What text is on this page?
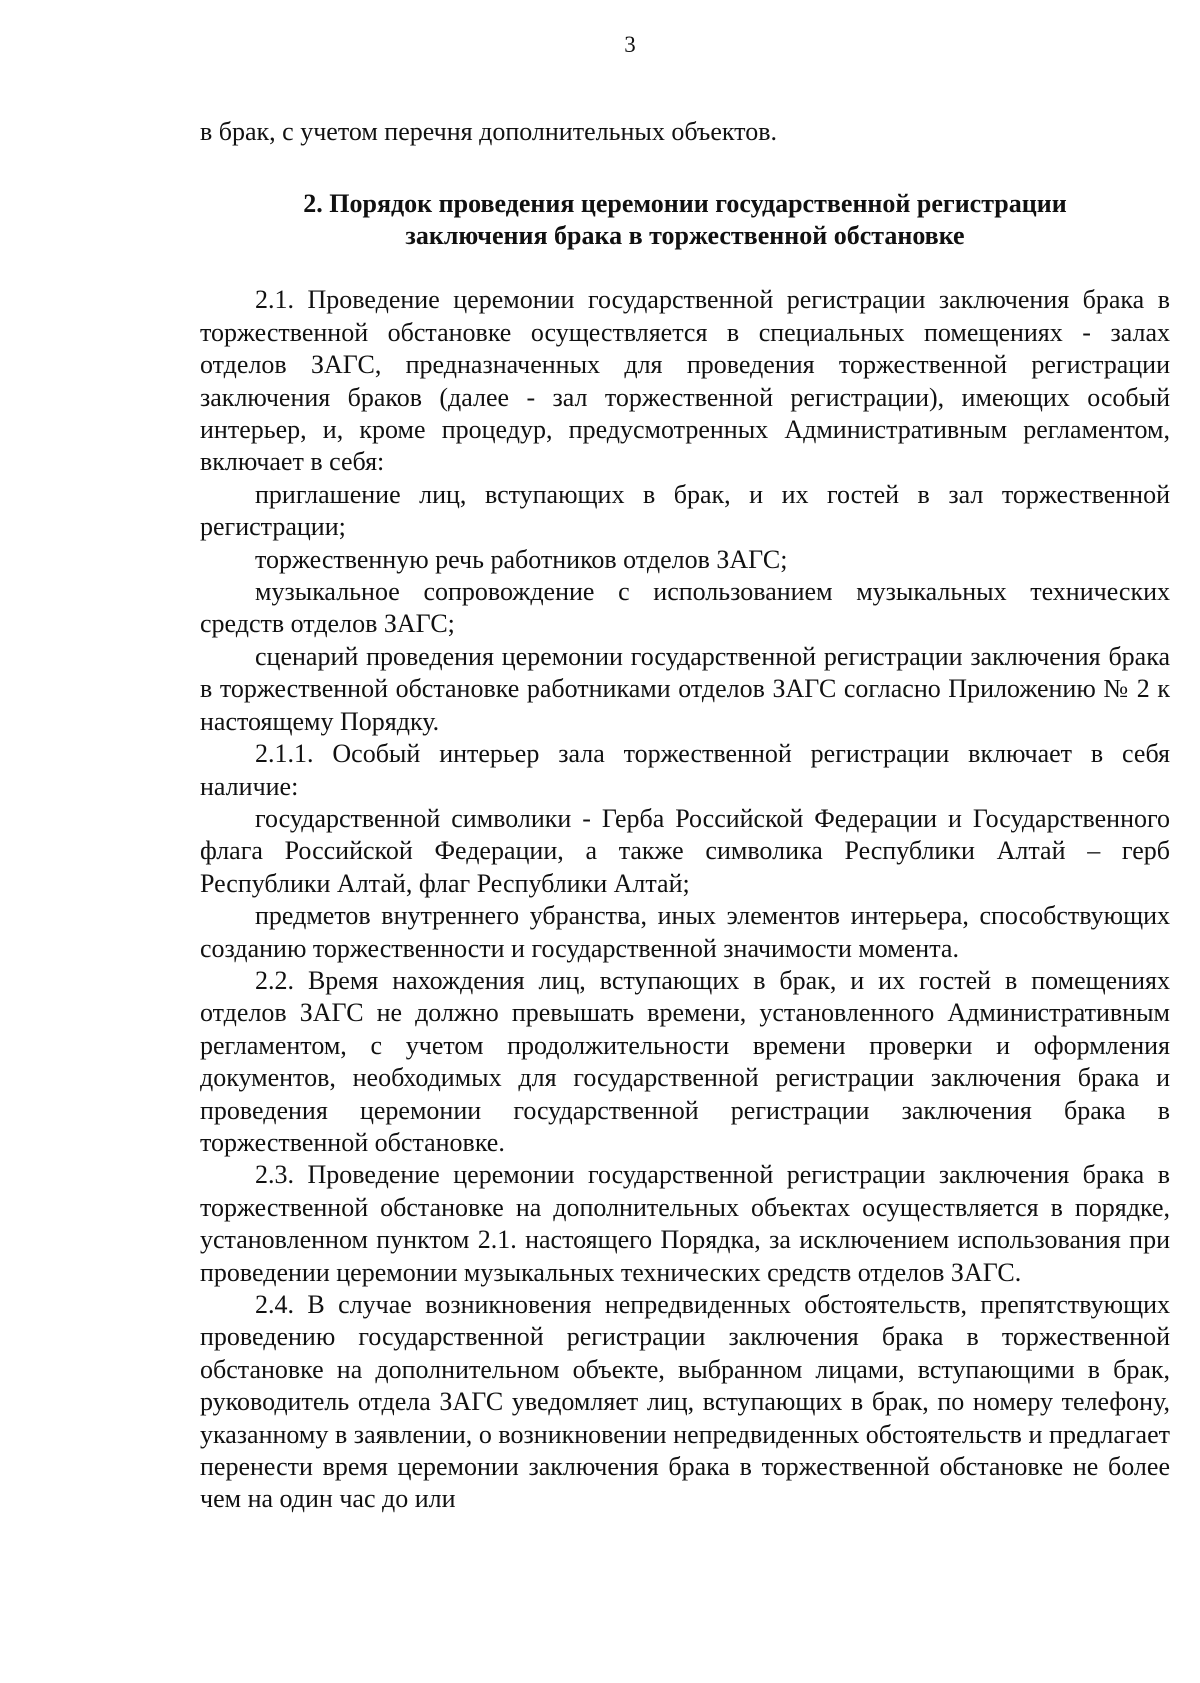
3

в брак, с учетом перечня дополнительных объектов.

2. Порядок проведения церемонии государственной регистрации
заключения брака в торжественной обстановке

2.1. Проведение церемонии государственной регистрации заключения брака в торжественной обстановке осуществляется в специальных помещениях - залах отделов ЗАГС, предназначенных для проведения торжественной регистрации заключения браков (далее - зал торжественной регистрации), имеющих особый интерьер, и, кроме процедур, предусмотренных Административным регламентом, включает в себя:

приглашение лиц, вступающих в брак, и их гостей в зал торжественной регистрации;

торжественную речь работников отделов ЗАГС;

музыкальное сопровождение с использованием музыкальных технических средств отделов ЗАГС;

сценарий проведения церемонии государственной регистрации заключения брака в торжественной обстановке работниками отделов ЗАГС согласно Приложению № 2 к настоящему Порядку.

2.1.1. Особый интерьер зала торжественной регистрации включает в себя наличие:

государственной символики - Герба Российской Федерации и Государственного флага Российской Федерации, а также символика Республики Алтай – герб Республики Алтай, флаг Республики Алтай;

предметов внутреннего убранства, иных элементов интерьера, способствующих созданию торжественности и государственной значимости момента.

2.2. Время нахождения лиц, вступающих в брак, и их гостей в помещениях отделов ЗАГС не должно превышать времени, установленного Административным регламентом, с учетом продолжительности времени проверки и оформления документов, необходимых для государственной регистрации заключения брака и проведения церемонии государственной регистрации заключения брака в торжественной обстановке.

2.3. Проведение церемонии государственной регистрации заключения брака в торжественной обстановке на дополнительных объектах осуществляется в порядке, установленном пунктом 2.1. настоящего Порядка, за исключением использования при проведении церемонии музыкальных технических средств отделов ЗАГС.

2.4. В случае возникновения непредвиденных обстоятельств, препятствующих проведению государственной регистрации заключения брака в торжественной обстановке на дополнительном объекте, выбранном лицами, вступающими в брак, руководитель отдела ЗАГС уведомляет лиц, вступающих в брак, по номеру телефону, указанному в заявлении, о возникновении непредвиденных обстоятельств и предлагает перенести время церемонии заключения брака в торжественной обстановке не более чем на один час до или
